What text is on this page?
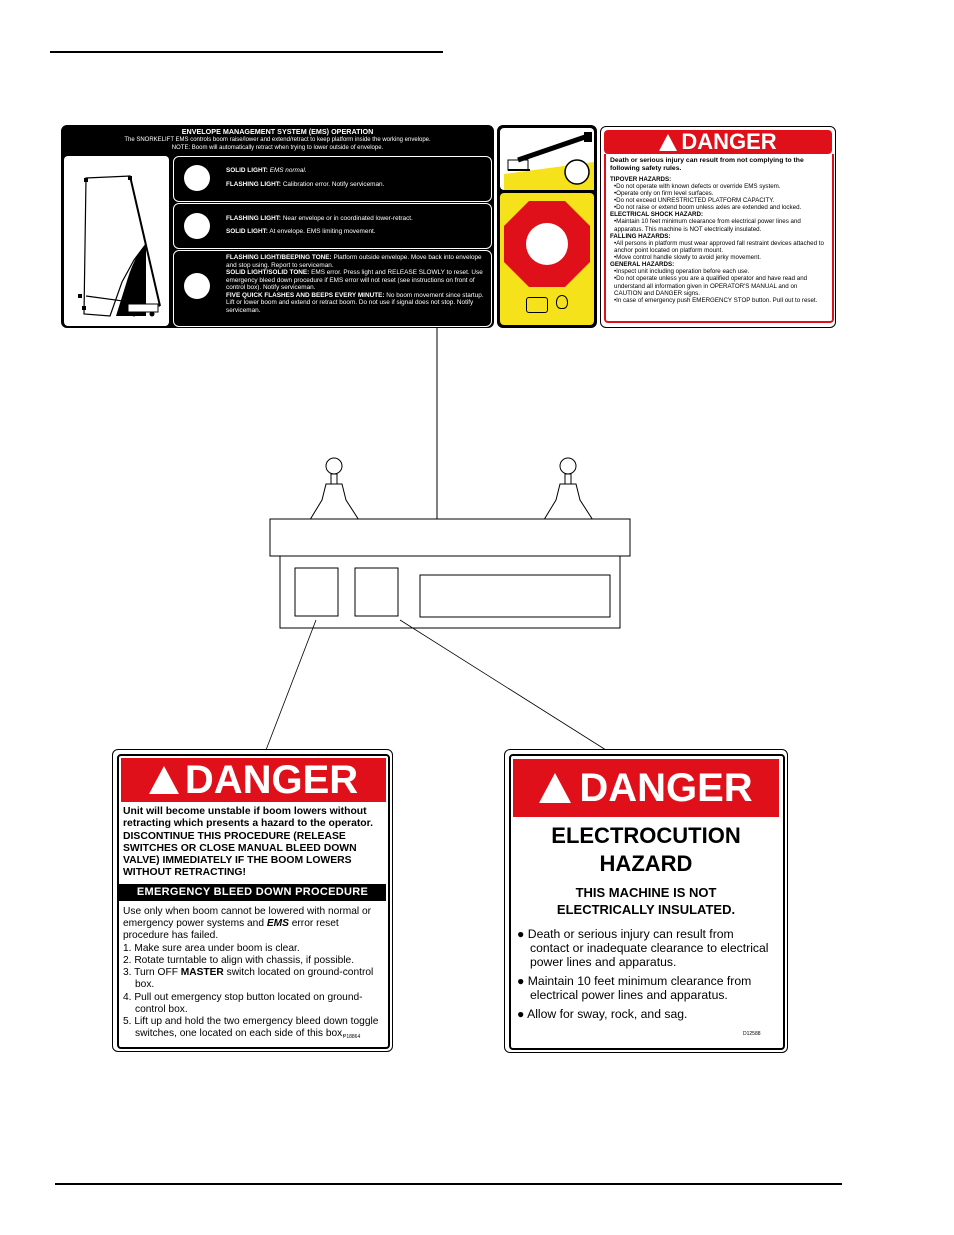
ENVELOPE MANAGEMENT SYSTEM (EMS) OPERATION
The SNORKELIFT EMS controls boom raise/lower and extend/retract to keep platform inside the working envelope.
NOTE: Boom will automatically retract when trying to lower outside of envelope.
SOLID LIGHT: EMS normal.
FLASHING LIGHT: Calibration error. Notify serviceman.
FLASHING LIGHT: Near envelope or in coordinated lower-retract.
SOLID LIGHT: At envelope. EMS limiting movement.
FLASHING LIGHT/BEEPING TONE: Platform outside envelope. Move back into envelope and stop using. Report to serviceman.
SOLID LIGHT/SOLID TONE: EMS error. Press light and RELEASE SLOWLY to reset. Use emergency bleed down procedure if EMS error will not reset (see instructions on front of control box). Notify serviceman.
FIVE QUICK FLASHES AND BEEPS EVERY MINUTE: No boom movement since startup. Lift or lower boom and extend or retract boom. Do not use if signal does not stop. Notify serviceman.
DANGER
Death or serious injury can result from not complying to the following safety rules.
TIPOVER HAZARDS:
• Do not operate with known defects or override EMS system.
• Operate only on firm level surfaces.
• Do not exceed UNRESTRICTED PLATFORM CAPACITY.
• Do not raise or extend boom unless axles are extended and locked.
ELECTRICAL SHOCK HAZARD:
• Maintain 10 feet minimum clearance from electrical power lines and apparatus. This machine is NOT electrically insulated.
FALLING HAZARDS:
• All persons in platform must wear approved fall restraint devices attached to anchor point located on platform mount.
• Move control handle slowly to avoid jerky movement.
GENERAL HAZARDS:
• Inspect unit including operation before each use.
• Do not operate unless you are a qualified operator and have read and understand all information given in OPERATOR'S MANUAL and on CAUTION and DANGER signs.
• In case of emergency push EMERGENCY STOP button. Pull out to reset.
DANGER
Unit will become unstable if boom lowers without retracting which presents a hazard to the operator. DISCONTINUE THIS PROCEDURE (RELEASE SWITCHES OR CLOSE MANUAL BLEED DOWN VALVE) IMMEDIATELY IF THE BOOM LOWERS WITHOUT RETRACTING!
EMERGENCY BLEED DOWN PROCEDURE
Use only when boom cannot be lowered with normal or emergency power systems and EMS error reset procedure has failed.
1. Make sure area under boom is clear.
2. Rotate turntable to align with chassis, if possible.
3. Turn OFF MASTER switch located on ground-control box.
4. Pull out emergency stop button located on ground-control box.
5. Lift up and hold the two emergency bleed down toggle switches, one located on each side of this box.
P18864
DANGER
ELECTROCUTION
HAZARD
THIS MACHINE IS NOT
ELECTRICALLY INSULATED.
● Death or serious injury can result from contact or inadequate clearance to electrical power lines and apparatus.
● Maintain 10 feet minimum clearance from electrical power lines and apparatus.
● Allow for sway, rock, and sag.
D12588
